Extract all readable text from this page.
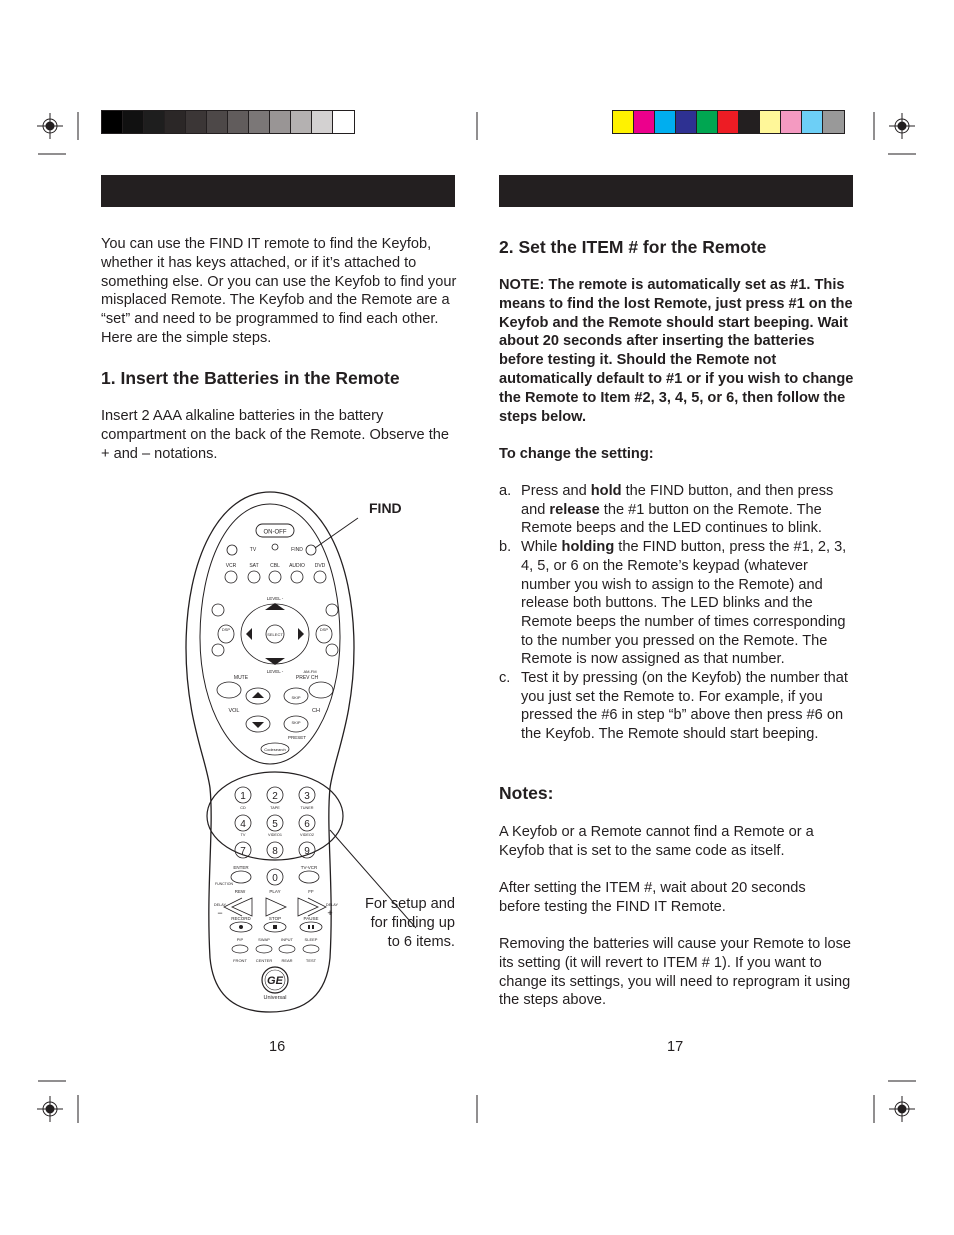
You can use the FIND IT remote to find the Keyfob, whether it has keys attached, or if it’s attached to something else. Or you can use the Keyfob to find your misplaced Remote. The Keyfob and the Remote are a “set” and need to be programmed to find each other. Here are the simple steps.
1. Insert the Batteries in the Remote
Insert 2 AAA alkaline batteries in the battery compartment on the back of the Remote. Observe the + and – notations.
ON-OFF
TV	FIND
VCR	SAT CBL AUDIO DVD
LEVEL -
SELECT
DSP	DSP
LEVEL -	AM-FM
MUTE	PREV CH
VOL	CH
SKIP
SKIP
PRESET
Codesearch
1	2	3
4	5	6
7	8	9
0
CD	TAPE	TUNER
TV	VIDEO1	VIDEO2
ENTER	TV-VCR
FUNCTION
REW	PLAY	FF
DELAY	DELAY
−	+
RECORD	STOP	PAUSE
PIP	SWAP	INPUT	SLEEP
FRONT CENTER REAR	TEST
GE
Universal
FIND
For setup and for finding up to 6 items.
16
2. Set the ITEM # for the Remote
NOTE: The remote is automatically set as #1. This means to find the lost Remote, just press #1 on the Keyfob and the Remote should start beeping. Wait about 20 seconds after inserting the batteries before testing it. Should the Remote not automatically default to #1 or if you wish to change the Remote to Item #2, 3, 4, 5, or 6, then follow the steps below.
To change the setting:
a. Press and hold the FIND button, and then press and release the #1 button on the Remote. The Remote beeps and the LED continues to blink.
b. While holding the FIND button, press the #1, 2, 3, 4, 5, or 6 on the Remote’s keypad (whatever number you wish to assign to the Remote) and release both buttons. The LED blinks and the Remote beeps the number of times corresponding to the number you pressed on the Remote. The Remote is now assigned as that number.
c. Test it by pressing (on the Keyfob) the number that you just set the Remote to. For example, if you pressed the #6 in step “b” above then press #6 on the Keyfob. The Remote should start beeping.
Notes:
A Keyfob or a Remote cannot find a Remote or a Keyfob that is set to the same code as itself.
After setting the ITEM #, wait about 20 seconds before testing the FIND IT Remote.
Removing the batteries will cause your Remote to lose its setting (it will revert to ITEM # 1). If you want to change its settings, you will need to reprogram it using the steps above.
17
